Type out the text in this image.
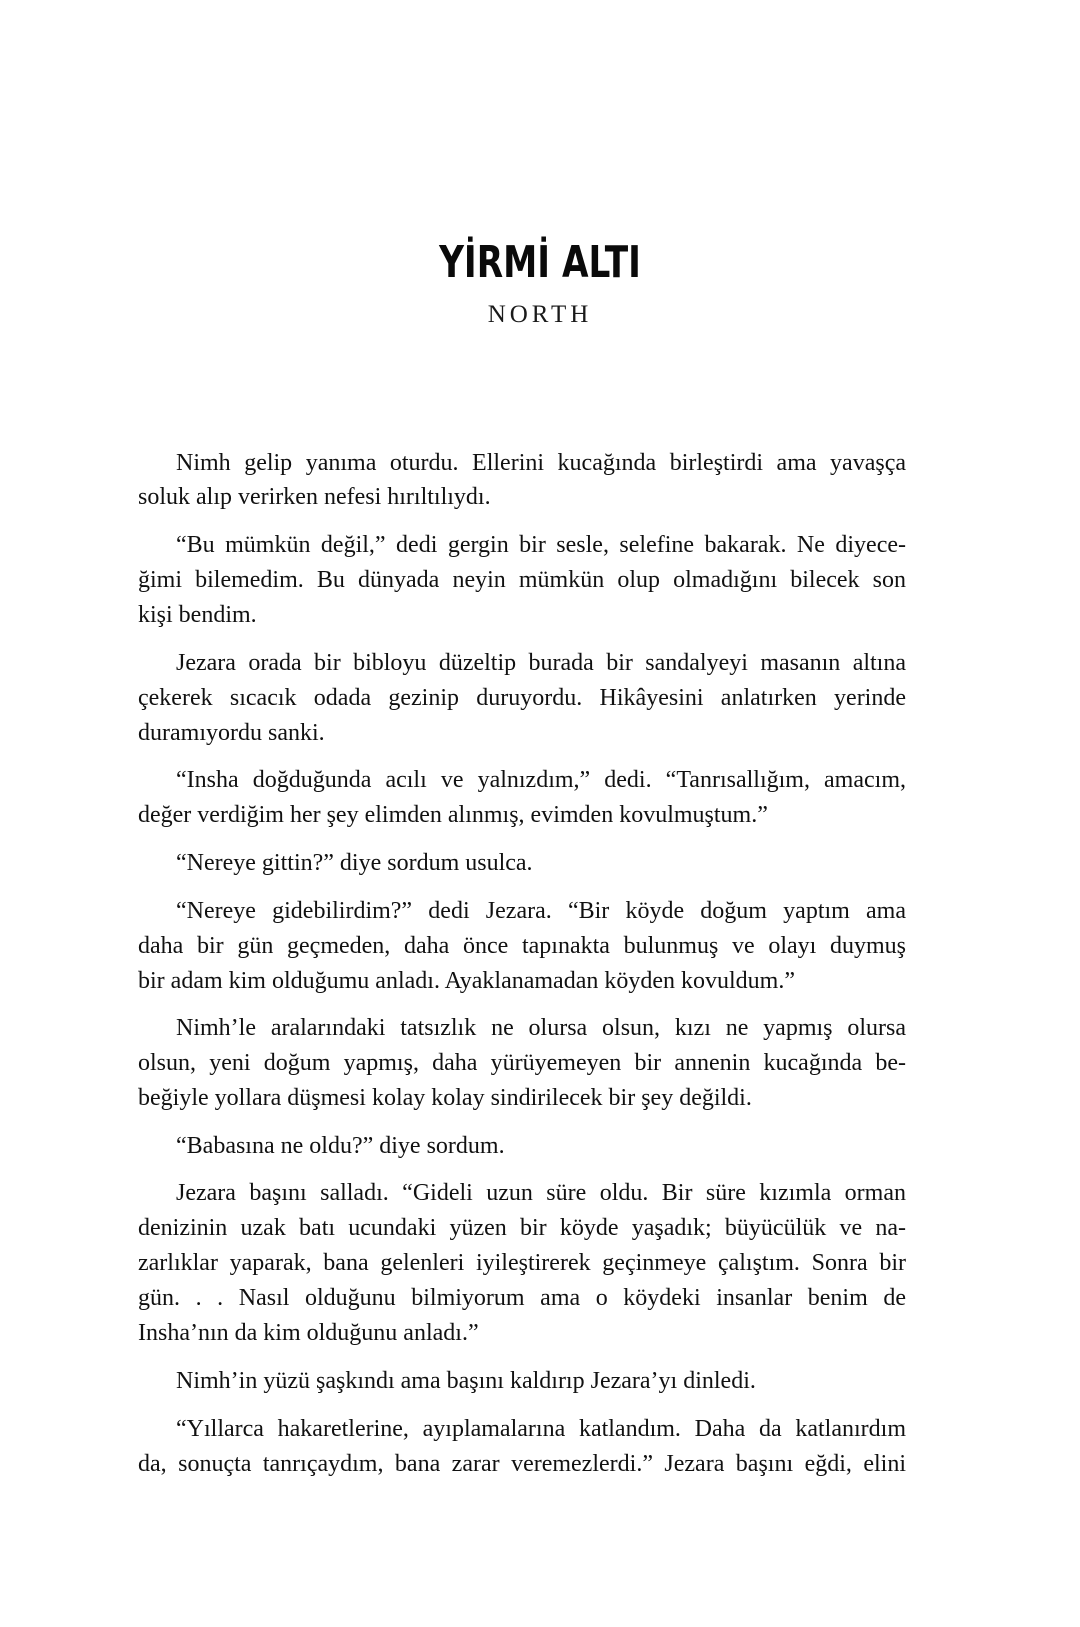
YİRMİ ALTI
NORTH
Nimh gelip yanıma oturdu. Ellerini kucağında birleştirdi ama yavaşça
soluk alıp verirken nefesi hırıltılıydı.
“Bu mümkün değil,” dedi gergin bir sesle, selefine bakarak. Ne diyece-
ğimi bilemedim. Bu dünyada neyin mümkün olup olmadığını bilecek son
kişi bendim.
Jezara orada bir bibloyu düzeltip burada bir sandalyeyi masanın altına
çekerek sıcacık odada gezinip duruyordu. Hikâyesini anlatırken yerinde
duramıyordu sanki.
“Insha doğduğunda acılı ve yalnızdım,” dedi. “Tanrısallığım, amacım,
değer verdiğim her şey elimden alınmış, evimden kovulmuştum.”
“Nereye gittin?” diye sordum usulca.
“Nereye gidebilirdim?” dedi Jezara. “Bir köyde doğum yaptım ama
daha bir gün geçmeden, daha önce tapınakta bulunmuş ve olayı duymuş
bir adam kim olduğumu anladı. Ayaklanamadan köyden kovuldum.”
Nimh’le aralarındaki tatsızlık ne olursa olsun, kızı ne yapmış olursa
olsun, yeni doğum yapmış, daha yürüyemeyen bir annenin kucağında be-
beğiyle yollara düşmesi kolay kolay sindirilecek bir şey değildi.
“Babasına ne oldu?” diye sordum.
Jezara başını salladı. “Gideli uzun süre oldu. Bir süre kızımla orman
denizinin uzak batı ucundaki yüzen bir köyde yaşadık; büyücülük ve na-
zarlıklar yaparak, bana gelenleri iyileştirerek geçinmeye çalıştım. Sonra bir
gün. . . Nasıl olduğunu bilmiyorum ama o köydeki insanlar benim de
Insha’nın da kim olduğunu anladı.”
Nimh’in yüzü şaşkındı ama başını kaldırıp Jezara’yı dinledi.
“Yıllarca hakaretlerine, ayıplamalarına katlandım. Daha da katlanırdım
da, sonuçta tanrıçaydım, bana zarar veremezlerdi.” Jezara başını eğdi, elini
